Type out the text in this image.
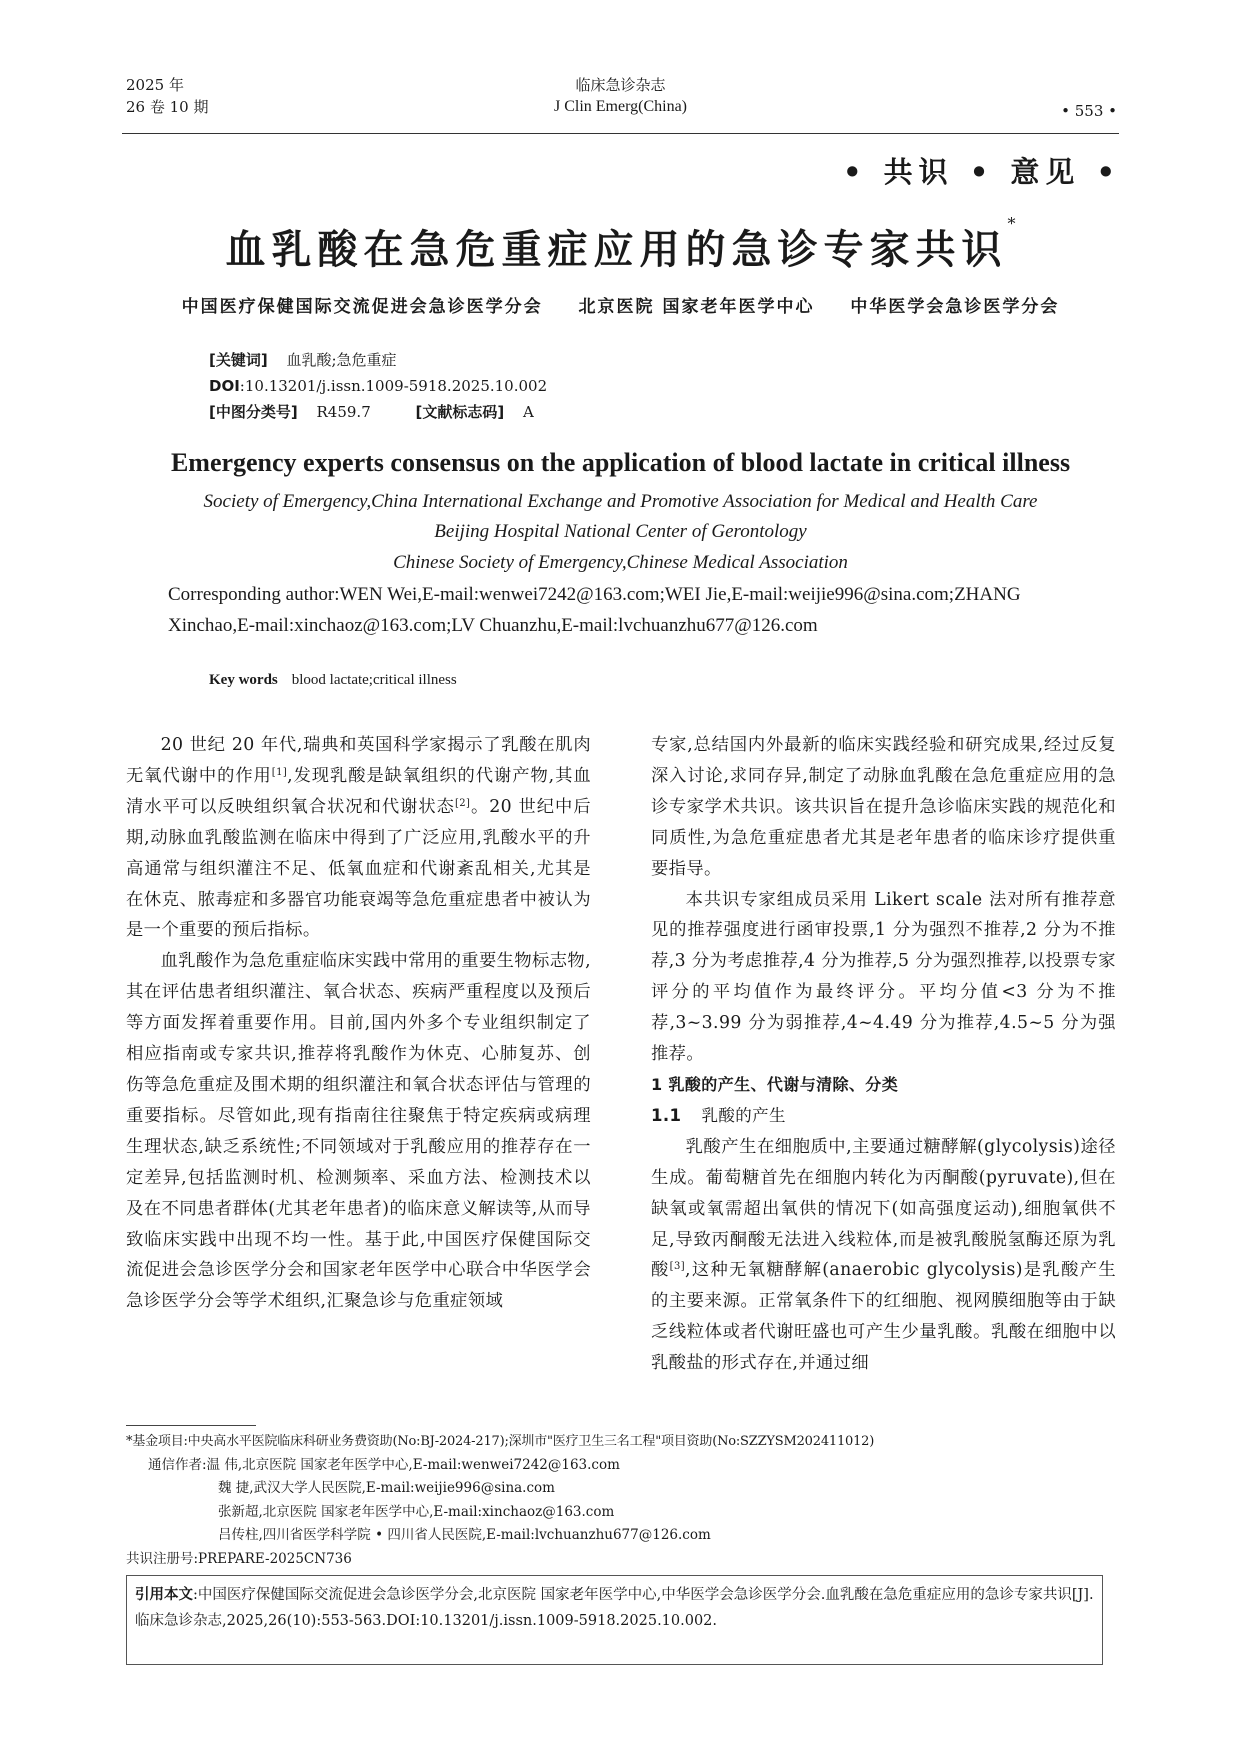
2025 年
26 卷 10 期
临床急诊杂志
J Clin Emerg(China)	• 553 •
• 共识 • 意见 •
血乳酸在急危重症应用的急诊专家共识*
中国医疗保健国际交流促进会急诊医学分会 北京医院 国家老年医学中心 中华医学会急诊医学分会
[关键词] 血乳酸;急危重症
DOI:10.13201/j.issn.1009-5918.2025.10.002
[中图分类号] R459.7	[文献标志码] A
Emergency experts consensus on the application of blood lactate in critical illness
Society of Emergency,China International Exchange and Promotive Association for Medical and Health Care
Beijing Hospital National Center of Gerontology
Chinese Society of Emergency,Chinese Medical Association
Corresponding author:WEN Wei,E-mail:wenwei7242@163.com;WEI Jie,E-mail:weijie996@sina.com;ZHANG Xinchao,E-mail:xinchaoz@163.com;LV Chuanzhu,E-mail:lvchuanzhu677@126.com
Key words blood lactate;critical illness

20 世纪 20 年代,瑞典和英国科学家揭示了乳酸在肌肉无氧代谢中的作用[1],发现乳酸是缺氧组织的代谢产物,其血清水平可以反映组织氧合状况和代谢状态[2]。20 世纪中后期,动脉血乳酸监测在临床中得到了广泛应用,乳酸水平的升高通常与组织灌注不足、低氧血症和代谢紊乱相关,尤其是在休克、脓毒症和多器官功能衰竭等急危重症患者中被认为是一个重要的预后指标。

血乳酸作为急危重症临床实践中常用的重要生物标志物,其在评估患者组织灌注、氧合状态、疾病严重程度以及预后等方面发挥着重要作用。目前,国内外多个专业组织制定了相应指南或专家共识,推荐将乳酸作为休克、心肺复苏、创伤等急危重症及围术期的组织灌注和氧合状态评估与管理的重要指标。尽管如此,现有指南往往聚焦于特定疾病或病理生理状态,缺乏系统性;不同领域对于乳酸应用的推荐存在一定差异,包括监测时机、检测频率、采血方法、检测技术以及在不同患者群体(尤其老年患者)的临床意义解读等,从而导致临床实践中出现不均一性。基于此,中国医疗保健国际交流促进会急诊医学分会和国家老年医学中心联合中华医学会急诊医学分会等学术组织,汇聚急诊与危重症领域

专家,总结国内外最新的临床实践经验和研究成果,经过反复深入讨论,求同存异,制定了动脉血乳酸在急危重症应用的急诊专家学术共识。该共识旨在提升急诊临床实践的规范化和同质性,为急危重症患者尤其是老年患者的临床诊疗提供重要指导。

本共识专家组成员采用 Likert scale 法对所有推荐意见的推荐强度进行函审投票,1 分为强烈不推荐,2 分为不推荐,3 分为考虑推荐,4 分为推荐,5 分为强烈推荐,以投票专家评分的平均值作为最终评分。平均分值<3 分为不推荐,3~3.99 分为弱推荐,4~4.49 分为推荐,4.5~5 分为强推荐。

1 乳酸的产生、代谢与清除、分类

1.1 乳酸的产生

乳酸产生在细胞质中,主要通过糖酵解(glycolysis)途径生成。葡萄糖首先在细胞内转化为丙酮酸(pyruvate),但在缺氧或氧需超出氧供的情况下(如高强度运动),细胞氧供不足,导致丙酮酸无法进入线粒体,而是被乳酸脱氢酶还原为乳酸[3],这种无氧糖酵解(anaerobic glycolysis)是乳酸产生的主要来源。正常氧条件下的红细胞、视网膜细胞等由于缺乏线粒体或者代谢旺盛也可产生少量乳酸。乳酸在细胞中以乳酸盐的形式存在,并通过细

*基金项目:中央高水平医院临床科研业务费资助(No:BJ-2024-217);深圳市"医疗卫生三名工程"项目资助(No:SZZYSM202411012)
通信作者:温 伟,北京医院 国家老年医学中心,E-mail:wenwei7242@163.com
魏 捷,武汉大学人民医院,E-mail:weijie996@sina.com
张新超,北京医院 国家老年医学中心,E-mail:xinchaoz@163.com
吕传柱,四川省医学科学院 • 四川省人民医院,E-mail:lvchuanzhu677@126.com
共识注册号:PREPARE-2025CN736
引用本文:中国医疗保健国际交流促进会急诊医学分会,北京医院 国家老年医学中心,中华医学会急诊医学分会.血乳酸在急危重症应用的急诊专家共识[J].临床急诊杂志,2025,26(10):553-563.DOI:10.13201/j.issn.1009-5918.2025.10.002.
